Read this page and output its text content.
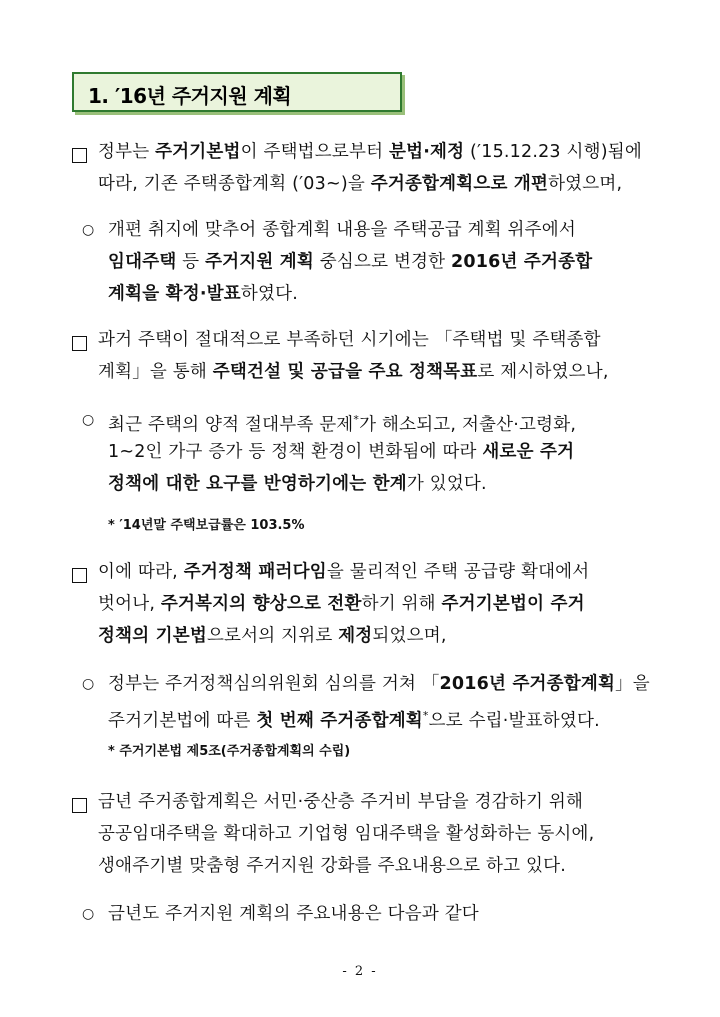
1. ′16년 주거지원 계획
정부는 주거기본법이 주택법으로부터 분법·제정 (′15.12.23 시행)됨에
따라, 기존 주택종합계획 (′03~)을 주거종합계획으로 개편하였으며,
○ 개편 취지에 맞추어 종합계획 내용을 주택공급 계획 위주에서
임대주택 등 주거지원 계획 중심으로 변경한 2016년 주거종합
계획을 확정·발표하였다.
과거 주택이 절대적으로 부족하던 시기에는 「주택법 및 주택종합
계획」을 통해 주택건설 및 공급을 주요 정책목표로 제시하였으나,
○ 최근 주택의 양적 절대부족 문제*가 해소되고, 저출산·고령화,
1~2인 가구 증가 등 정책 환경이 변화됨에 따라 새로운 주거
정책에 대한 요구를 반영하기에는 한계가 있었다.
* ′14년말 주택보급률은 103.5%
이에 따라, 주거정책 패러다임을 물리적인 주택 공급량 확대에서
벗어나, 주거복지의 향상으로 전환하기 위해 주거기본법이 주거
정책의 기본법으로서의 지위로 제정되었으며,
○ 정부는 주거정책심의위원회 심의를 거쳐 「2016년 주거종합계획」을
주거기본법에 따른 첫 번째 주거종합계획*으로 수립·발표하였다.
* 주거기본법 제5조(주거종합계획의 수립)
금년 주거종합계획은 서민·중산층 주거비 부담을 경감하기 위해
공공임대주택을 확대하고 기업형 임대주택을 활성화하는 동시에,
생애주기별 맞춤형 주거지원 강화를 주요내용으로 하고 있다.
○ 금년도 주거지원 계획의 주요내용은 다음과 같다
- 2 -
